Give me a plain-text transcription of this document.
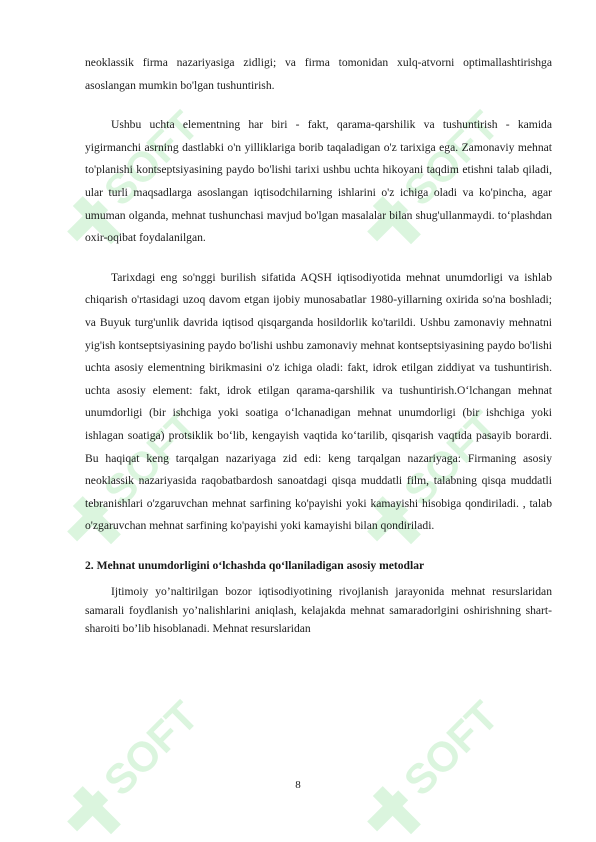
SOFT	SOFT
SOFT	SOFT
SOFT	SOFT

neoklassik firma nazariyasiga zidligi; va firma tomonidan xulq-atvorni optimallashtirishga asoslangan mumkin bo'lgan tushuntirish.

Ushbu uchta elementning har biri - fakt, qarama-qarshilik va tushuntirish - kamida yigirmanchi asrning dastlabki o'n yilliklariga borib taqaladigan o'z tarixiga ega. Zamonaviy mehnat to'planishi kontseptsiyasining paydo bo'lishi tarixi ushbu uchta hikoyani taqdim etishni talab qiladi, ular turli maqsadlarga asoslangan iqtisodchilarning ishlarini o'z ichiga oladi va ko'pincha, agar umuman olganda, mehnat tushunchasi mavjud bo'lgan masalalar bilan shug'ullanmaydi. to‘plashdan oxir-oqibat foydalanilgan.

Tarixdagi eng so'nggi burilish sifatida AQSH iqtisodiyotida mehnat unumdorligi va ishlab chiqarish o'rtasidagi uzoq davom etgan ijobiy munosabatlar 1980-yillarning oxirida so'na boshladi; va Buyuk turg'unlik davrida iqtisod qisqarganda hosildorlik ko'tarildi. Ushbu zamonaviy mehnatni yig'ish kontseptsiyasining paydo bo'lishi ushbu zamonaviy mehnat kontseptsiyasining paydo bo'lishi uchta asosiy elementning birikmasini o'z ichiga oladi: fakt, idrok etilgan ziddiyat va tushuntirish. uchta asosiy element: fakt, idrok etilgan qarama-qarshilik va tushuntirish.O‘lchangan mehnat unumdorligi (bir ishchiga yoki soatiga o‘lchanadigan mehnat unumdorligi (bir ishchiga yoki ishlagan soatiga) protsiklik bo‘lib, kengayish vaqtida ko‘tarilib, qisqarish vaqtida pasayib borardi. Bu haqiqat keng tarqalgan nazariyaga zid edi: keng tarqalgan nazariyaga: Firmaning asosiy neoklassik nazariyasida raqobatbardosh sanoatdagi qisqa muddatli film, talabning qisqa muddatli tebranishlari o'zgaruvchan mehnat sarfining ko'payishi yoki kamayishi hisobiga qondiriladi. , talab o'zgaruvchan mehnat sarfining ko'payishi yoki kamayishi bilan qondiriladi.

2. Mehnat unumdorligini o‘lchashda qo‘llaniladigan asosiy metodlar

Ijtimoiy yo’naltirilgan bozor iqtisodiyotining rivojlanish jarayonida mehnat resurslaridan samarali foydlanish yo’nalishlarini aniqlash, kelajakda mehnat samaradorlgini oshirishning shart-sharoiti bo’lib hisoblanadi. Mehnat resurslaridan

8
